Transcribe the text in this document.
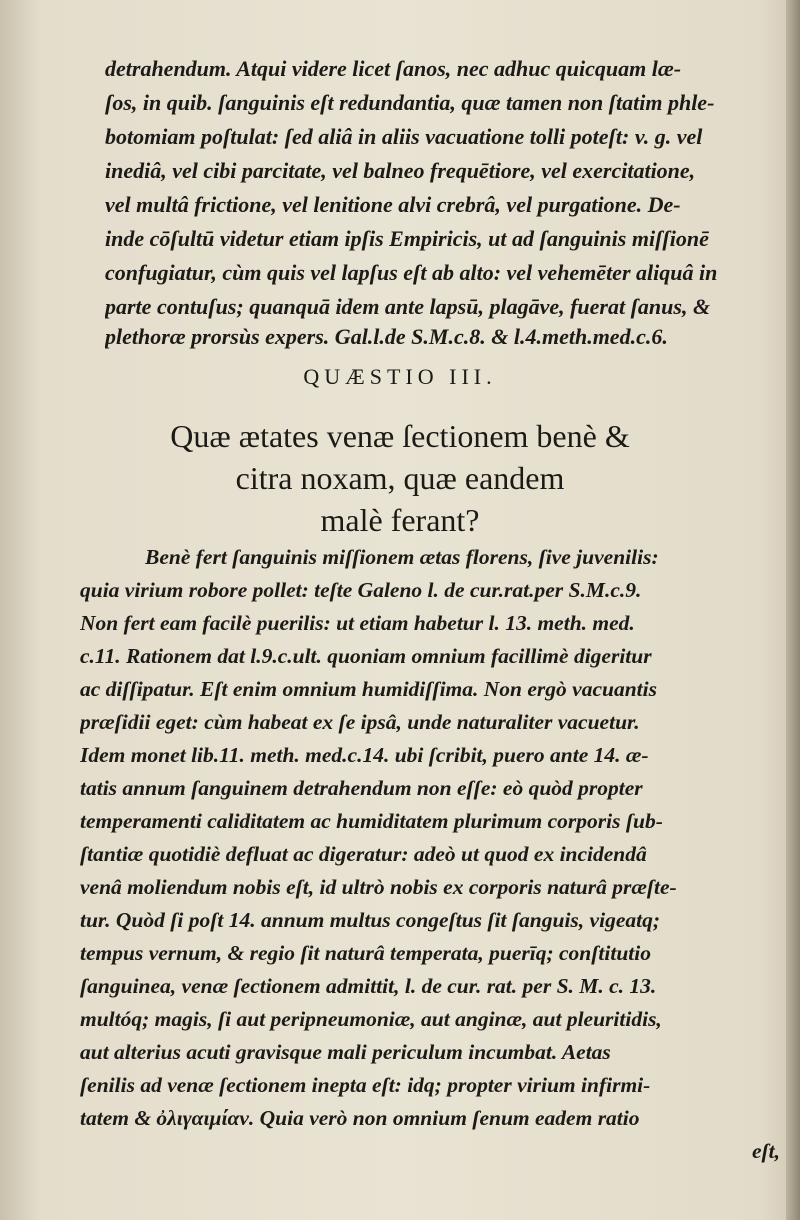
detrahendum. Atqui videre licet ſanos, nec adhuc quicquam læ-
ſos, in quib. ſanguinis eſt redundantia, quæ tamen non ſtatim phle-
botomiam poſtulat: ſed aliâ in aliis vacuatione tolli poteſt: v. g. vel
inediâ, vel cibi parcitate, vel balneo frequētiore, vel exercitatione,
vel multâ frictione, vel lenitione alvi crebrâ, vel purgatione. De-
inde cōſultū videtur etiam ipſis Empiricis, ut ad ſanguinis miſſionē
confugiatur, cùm quis vel lapſus eſt ab alto: vel vehemēter aliquâ in
parte contuſus; quanquā idem ante lapsū, plagāve, fuerat ſanus, &
plethoræ prorsùs expers. Gal.l.de S.M.c.8. & l.4.meth.med.c.6.
QUÆSTIO III.
Quæ ætates venæ ſectionem benè &
citra noxam, quæ eandem
malè ferant?
Benè fert ſanguinis miſſionem ætas florens, ſive juvenilis:
quia virium robore pollet: teſte Galeno l. de cur.rat.per S.M.c.9.
Non fert eam facilè puerilis: ut etiam habetur l. 13. meth. med.
c.11. Rationem dat l.9.c.ult. quoniam omnium facillimè digeritur
ac diſſipatur. Eſt enim omnium humidiſſima. Non ergò vacuantis
præſidii eget: cùm habeat ex ſe ipsâ, unde naturaliter vacuetur.
Idem monet lib.11. meth. med.c.14. ubi ſcribit, puero ante 14. æ-
tatis annum ſanguinem detrahendum non eſſe: eò quòd propter
temperamenti caliditatem ac humiditatem plurimum corporis ſub-
ſtantiæ quotidiè defluat ac digeratur: adeò ut quod ex incidendâ
venâ moliendum nobis eſt, id ultrò nobis ex corporis naturâ præſte-
tur. Quòd ſi poſt 14. annum multus congeſtus ſit ſanguis, vigeatq;
tempus vernum, & regio ſit naturâ temperata, puerīq; conſtitutio
ſanguinea, venæ ſectionem admittit, l. de cur. rat. per S. M. c. 13.
multóq; magis, ſi aut peripneumoniæ, aut anginæ, aut pleuritidis,
aut alterius acuti gravisque mali periculum incumbat. Aetas
ſenilis ad venæ ſectionem inepta eſt: idq; propter virium infirmi-
tatem & ὀλιγαιμίαν. Quia verò non omnium ſenum eadem ratio
eſt,
